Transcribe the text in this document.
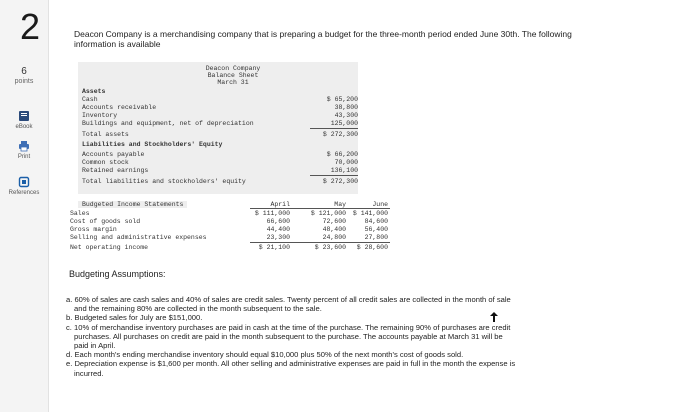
2
6
points
eBook
Print
References
Deacon Company is a merchandising company that is preparing a budget for the three-month period ended June 30th. The following
information is available
Deacon Company
Balance Sheet
March 31
Assets
Cash	$ 65,200
Accounts receivable	38,800
Inventory	43,300
Buildings and equipment, net of depreciation	125,000
Total assets	$ 272,300
Liabilities and Stockholders' Equity
Accounts payable	$ 66,200
Common stock	70,000
Retained earnings	136,100
Total liabilities and stockholders' equity	$ 272,300
Budgeted Income Statements	April	May	June
Sales	$ 111,000	$ 121,000	$ 141,000
Cost of goods sold	66,600	72,600	84,600
Gross margin	44,400	48,400	56,400
Selling and administrative expenses	23,300	24,800	27,800
Net operating income	$ 21,100	$ 23,600	$ 28,600
Budgeting Assumptions:
a. 60% of sales are cash sales and 40% of sales are credit sales. Twenty percent of all credit sales are collected in the month of sale
and the remaining 80% are collected in the month subsequent to the sale.
b. Budgeted sales for July are $151,000.
c. 10% of merchandise inventory purchases are paid in cash at the time of the purchase. The remaining 90% of purchases are credit
purchases. All purchases on credit are paid in the month subsequent to the purchase. The accounts payable at March 31 will be
paid in April.
d. Each month's ending merchandise inventory should equal $10,000 plus 50% of the next month's cost of goods sold.
e. Depreciation expense is $1,600 per month. All other selling and administrative expenses are paid in full in the month the expense is
incurred.
